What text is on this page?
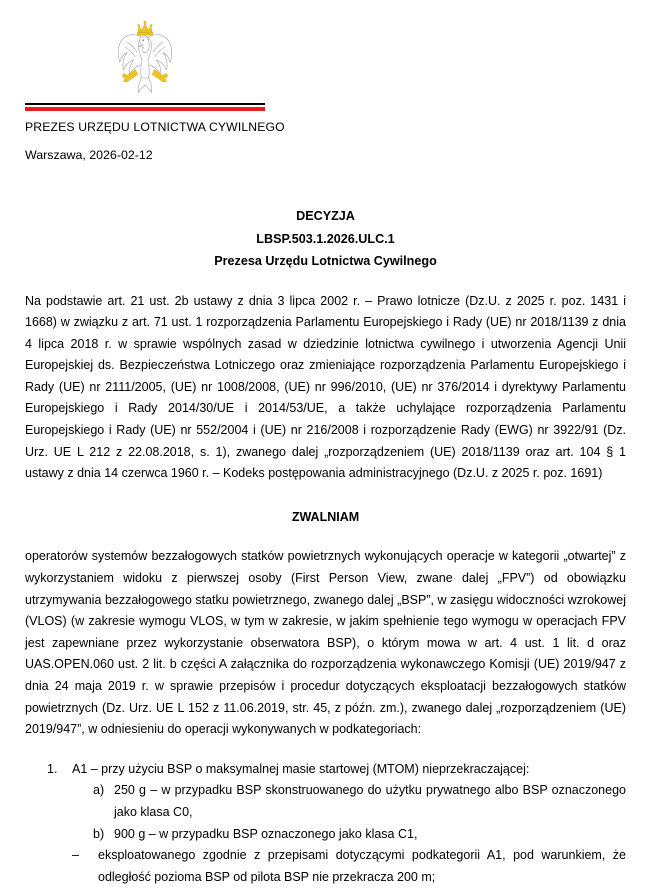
PREZES URZĘDU LOTNICTWA CYWILNEGO
Warszawa, 2026-02-12
DECYZJA
LBSP.503.1.2026.ULC.1
Prezesa Urzędu Lotnictwa Cywilnego
Na podstawie art. 21 ust. 2b ustawy z dnia 3 lipca 2002 r. – Prawo lotnicze (Dz.U. z 2025 r. poz. 1431 i 1668) w związku z art. 71 ust. 1 rozporządzenia Parlamentu Europejskiego i Rady (UE) nr 2018/1139 z dnia 4 lipca 2018 r. w sprawie wspólnych zasad w dziedzinie lotnictwa cywilnego i utworzenia Agencji Unii Europejskiej ds. Bezpieczeństwa Lotniczego oraz zmieniające rozporządzenia Parlamentu Europejskiego i Rady (UE) nr 2111/2005, (UE) nr 1008/2008, (UE) nr 996/2010, (UE) nr 376/2014 i dyrektywy Parlamentu Europejskiego i Rady 2014/30/UE i 2014/53/UE, a także uchylające rozporządzenia Parlamentu Europejskiego i Rady (UE) nr 552/2004 i (UE) nr 216/2008 i rozporządzenie Rady (EWG) nr 3922/91 (Dz. Urz. UE L 212 z 22.08.2018, s. 1), zwanego dalej „rozporządzeniem (UE) 2018/1139 oraz art. 104 § 1 ustawy z dnia 14 czerwca 1960 r. – Kodeks postępowania administracyjnego (Dz.U. z 2025 r. poz. 1691)
ZWALNIAM
operatorów systemów bezzałogowych statków powietrznych wykonujących operacje w kategorii „otwartej” z wykorzystaniem widoku z pierwszej osoby (First Person View, zwane dalej „FPV”) od obowiązku utrzymywania bezzałogowego statku powietrznego, zwanego dalej „BSP”, w zasięgu widoczności wzrokowej (VLOS) (w zakresie wymogu VLOS, w tym w zakresie, w jakim spełnienie tego wymogu w operacjach FPV jest zapewniane przez wykorzystanie obserwatora BSP), o którym mowa w art. 4 ust. 1 lit. d oraz UAS.OPEN.060 ust. 2 lit. b części A załącznika do rozporządzenia wykonawczego Komisji (UE) 2019/947 z dnia 24 maja 2019 r. w sprawie przepisów i procedur dotyczących eksploatacji bezzałogowych statków powietrznych (Dz. Urz. UE L 152 z 11.06.2019, str. 45, z późn. zm.), zwanego dalej „rozporządzeniem (UE) 2019/947”, w odniesieniu do operacji wykonywanych w podkategoriach:
1.	A1 – przy użyciu BSP o maksymalnej masie startowej (MTOM) nieprzekraczającej:
a) 250 g – w przypadku BSP skonstruowanego do użytku prywatnego albo BSP oznaczonego jako klasa C0,
b) 900 g – w przypadku BSP oznaczonego jako klasa C1,
–	eksploatowanego zgodnie z przepisami dotyczącymi podkategorii A1, pod warunkiem, że odległość pozioma BSP od pilota BSP nie przekracza 200 m;
